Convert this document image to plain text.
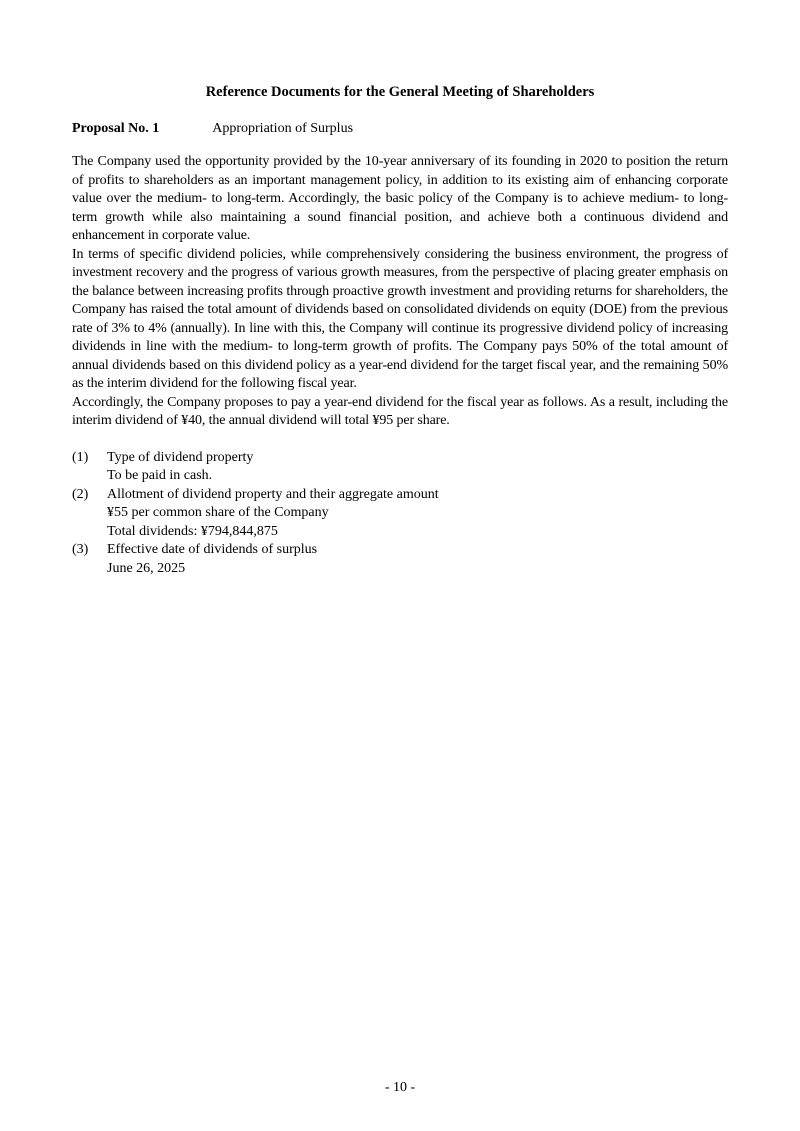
Reference Documents for the General Meeting of Shareholders
Proposal No. 1	Appropriation of Surplus

The Company used the opportunity provided by the 10-year anniversary of its founding in 2020 to position the return of profits to shareholders as an important management policy, in addition to its existing aim of enhancing corporate value over the medium- to long-term. Accordingly, the basic policy of the Company is to achieve medium- to long-term growth while also maintaining a sound financial position, and achieve both a continuous dividend and enhancement in corporate value.

In terms of specific dividend policies, while comprehensively considering the business environment, the progress of investment recovery and the progress of various growth measures, from the perspective of placing greater emphasis on the balance between increasing profits through proactive growth investment and providing returns for shareholders, the Company has raised the total amount of dividends based on consolidated dividends on equity (DOE) from the previous rate of 3% to 4% (annually). In line with this, the Company will continue its progressive dividend policy of increasing dividends in line with the medium- to long-term growth of profits. The Company pays 50% of the total amount of annual dividends based on this dividend policy as a year-end dividend for the target fiscal year, and the remaining 50% as the interim dividend for the following fiscal year.

Accordingly, the Company proposes to pay a year-end dividend for the fiscal year as follows. As a result, including the interim dividend of ¥40, the annual dividend will total ¥95 per share.

(1)	Type of dividend property
To be paid in cash.
(2)	Allotment of dividend property and their aggregate amount
¥55 per common share of the Company
Total dividends: ¥794,844,875
(3)	Effective date of dividends of surplus
June 26, 2025
- 10 -
